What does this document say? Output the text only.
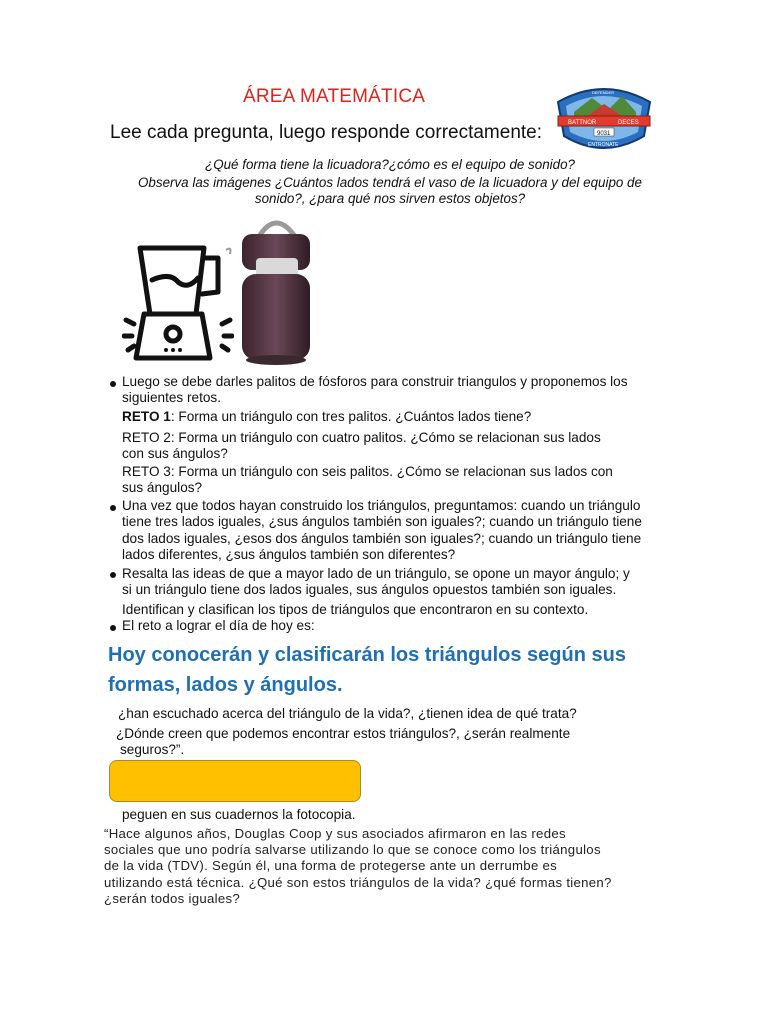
ÁREA MATEMÁTICA
Lee cada pregunta, luego responde correctamente:	BATTNOR	DECES
9031
DEFENDER
ENTRONATE
¿Qué forma tiene la licuadora?¿cómo es el equipo de sonido?
Observa las imágenes ¿Cuántos lados tendrá el vaso de la licuadora y del equipo de
sonido?, ¿para qué nos sirven estos objetos?
Luego se debe darles palitos de fósforos para construir triangulos y proponemos los
siguientes retos.
RETO 1: Forma un triángulo con tres palitos. ¿Cuántos lados tiene?
RETO 2: Forma un triángulo con cuatro palitos. ¿Cómo se relacionan sus lados
con sus ángulos?
RETO 3: Forma un triángulo con seis palitos. ¿Cómo se relacionan sus lados con
sus ángulos?
Una vez que todos hayan construido los triángulos, preguntamos: cuando un triángulo
tiene tres lados iguales, ¿sus ángulos también son iguales?; cuando un triángulo tiene
dos lados iguales, ¿esos dos ángulos también son iguales?; cuando un triángulo tiene
lados diferentes, ¿sus ángulos también son diferentes?
Resalta las ideas de que a mayor lado de un triángulo, se opone un mayor ángulo; y
si un triángulo tiene dos lados iguales, sus ángulos opuestos también son iguales.
Identifican y clasifican los tipos de triángulos que encontraron en su contexto.
El reto a lograr el día de hoy es:
Hoy conocerán y clasificarán los triángulos según sus
formas, lados y ángulos.
¿han escuchado acerca del triángulo de la vida?, ¿tienen idea de qué trata?
¿Dónde creen que podemos encontrar estos triángulos?, ¿serán realmente
seguros?”.
peguen en sus cuadernos la fotocopia.
“Hace algunos años, Douglas Coop y sus asociados afirmaron en las redes
sociales que uno podría salvarse utilizando lo que se conoce como los triángulos
de la vida (TDV). Según él, una forma de protegerse ante un derrumbe es
utilizando está técnica. ¿Qué son estos triángulos de la vida? ¿qué formas tienen?
¿serán todos iguales?
